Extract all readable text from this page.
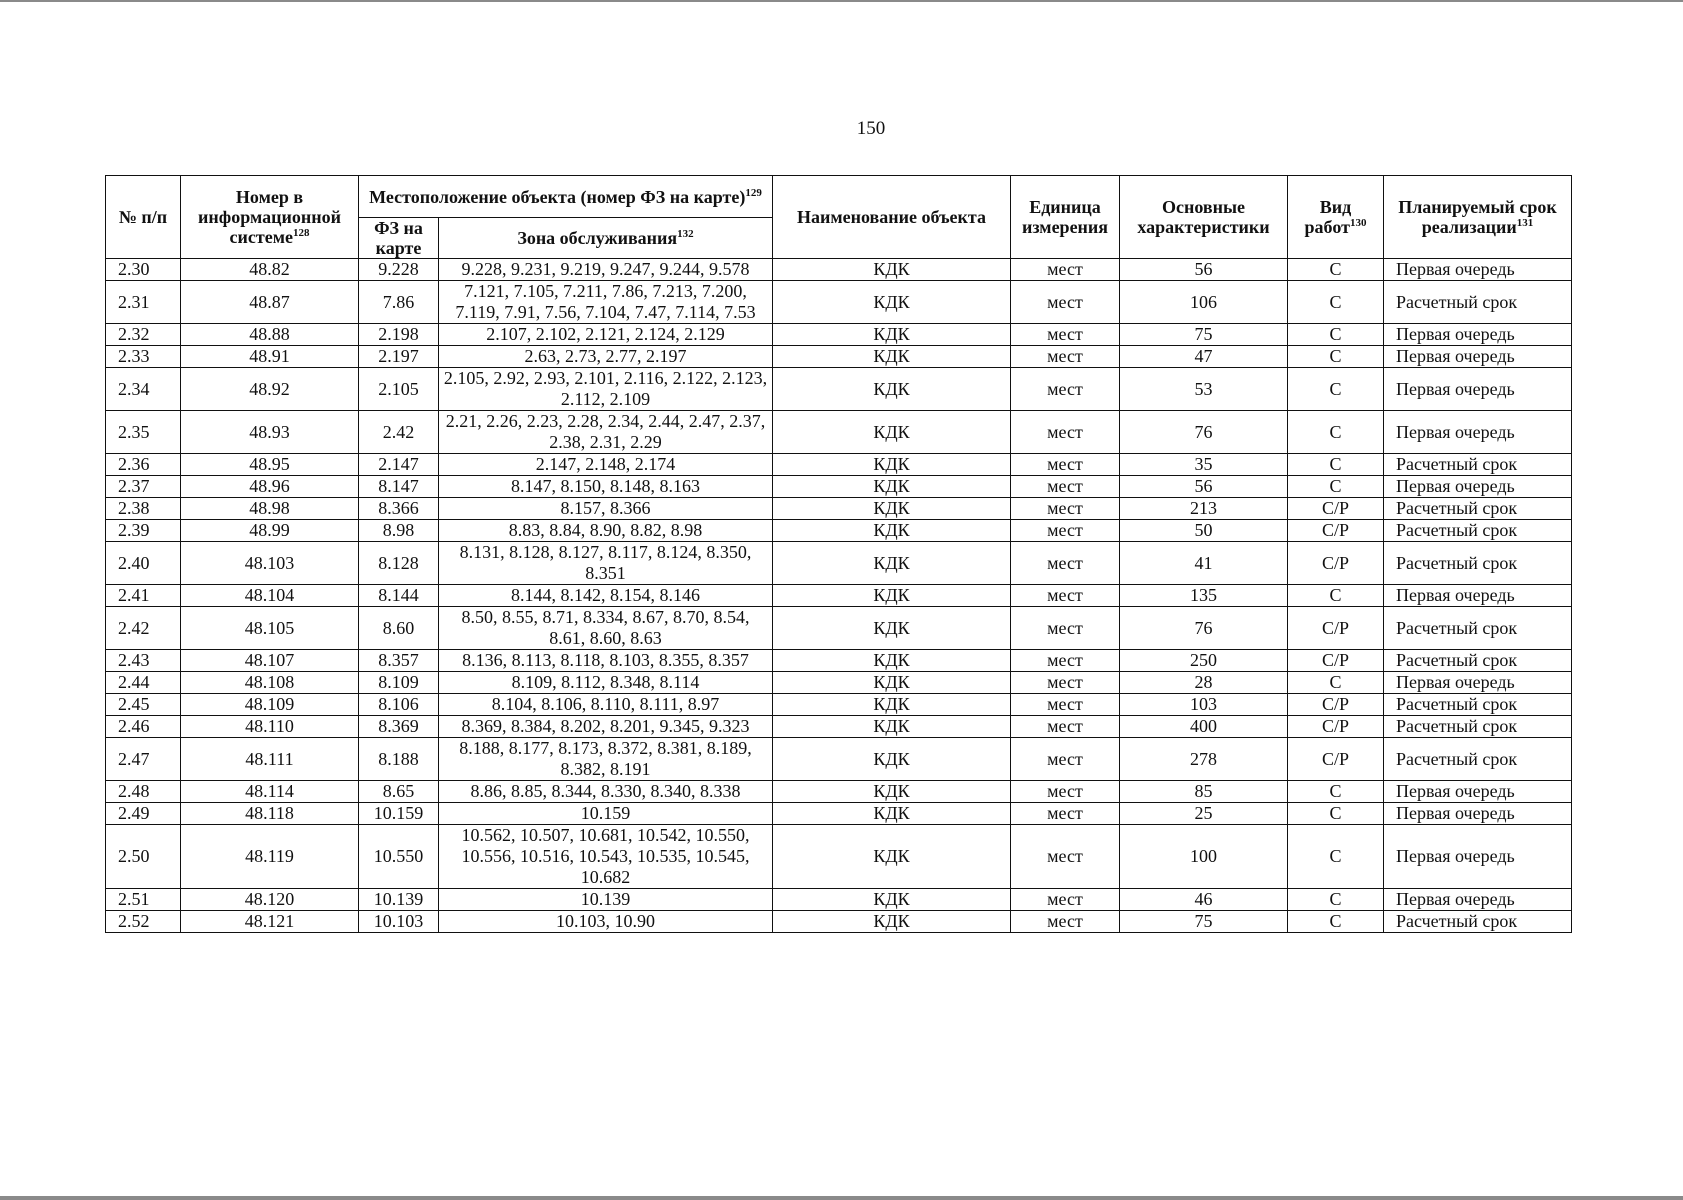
150
№ п/п	Номер в информационной системе$^{128}$	Местоположение объекта (номер ФЗ на карте)$^{129}$		Наименование объекта	Единица измерения	Основные характеристики	Вид работ$^{130}$	Планируемый срок реализации$^{131}$
		ФЗ на карте	Зона обслуживания$^{132}$
2.30	48.82	9.228	9.228, 9.231, 9.219, 9.247, 9.244, 9.578	КДК	мест	56	С	Первая очередь
2.31	48.87	7.86	7.121, 7.105, 7.211, 7.86, 7.213, 7.200, 7.119, 7.91, 7.56, 7.104, 7.47, 7.114, 7.53	КДК	мест	106	С	Расчетный срок
2.32	48.88	2.198	2.107, 2.102, 2.121, 2.124, 2.129	КДК	мест	75	С	Первая очередь
2.33	48.91	2.197	2.63, 2.73, 2.77, 2.197	КДК	мест	47	С	Первая очередь
2.34	48.92	2.105	2.105, 2.92, 2.93, 2.101, 2.116, 2.122, 2.123, 2.112, 2.109	КДК	мест	53	С	Первая очередь
2.35	48.93	2.42	2.21, 2.26, 2.23, 2.28, 2.34, 2.44, 2.47, 2.37, 2.38, 2.31, 2.29	КДК	мест	76	С	Первая очередь
2.36	48.95	2.147	2.147, 2.148, 2.174	КДК	мест	35	С	Расчетный срок
2.37	48.96	8.147	8.147, 8.150, 8.148, 8.163	КДК	мест	56	С	Первая очередь
2.38	48.98	8.366	8.157, 8.366	КДК	мест	213	С/Р	Расчетный срок
2.39	48.99	8.98	8.83, 8.84, 8.90, 8.82, 8.98	КДК	мест	50	С/Р	Расчетный срок
2.40	48.103	8.128	8.131, 8.128, 8.127, 8.117, 8.124, 8.350, 8.351	КДК	мест	41	С/Р	Расчетный срок
2.41	48.104	8.144	8.144, 8.142, 8.154, 8.146	КДК	мест	135	С	Первая очередь
2.42	48.105	8.60	8.50, 8.55, 8.71, 8.334, 8.67, 8.70, 8.54, 8.61, 8.60, 8.63	КДК	мест	76	С/Р	Расчетный срок
2.43	48.107	8.357	8.136, 8.113, 8.118, 8.103, 8.355, 8.357	КДК	мест	250	С/Р	Расчетный срок
2.44	48.108	8.109	8.109, 8.112, 8.348, 8.114	КДК	мест	28	С	Первая очередь
2.45	48.109	8.106	8.104, 8.106, 8.110, 8.111, 8.97	КДК	мест	103	С/Р	Расчетный срок
2.46	48.110	8.369	8.369, 8.384, 8.202, 8.201, 9.345, 9.323	КДК	мест	400	С/Р	Расчетный срок
2.47	48.111	8.188	8.188, 8.177, 8.173, 8.372, 8.381, 8.189, 8.382, 8.191	КДК	мест	278	С/Р	Расчетный срок
2.48	48.114	8.65	8.86, 8.85, 8.344, 8.330, 8.340, 8.338	КДК	мест	85	С	Первая очередь
2.49	48.118	10.159	10.159	КДК	мест	25	С	Первая очередь
2.50	48.119	10.550	10.562, 10.507, 10.681, 10.542, 10.550, 10.556, 10.516, 10.543, 10.535, 10.545, 10.682	КДК	мест	100	С	Первая очередь
2.51	48.120	10.139	10.139	КДК	мест	46	С	Первая очередь
2.52	48.121	10.103	10.103, 10.90	КДК	мест	75	С	Расчетный срок
